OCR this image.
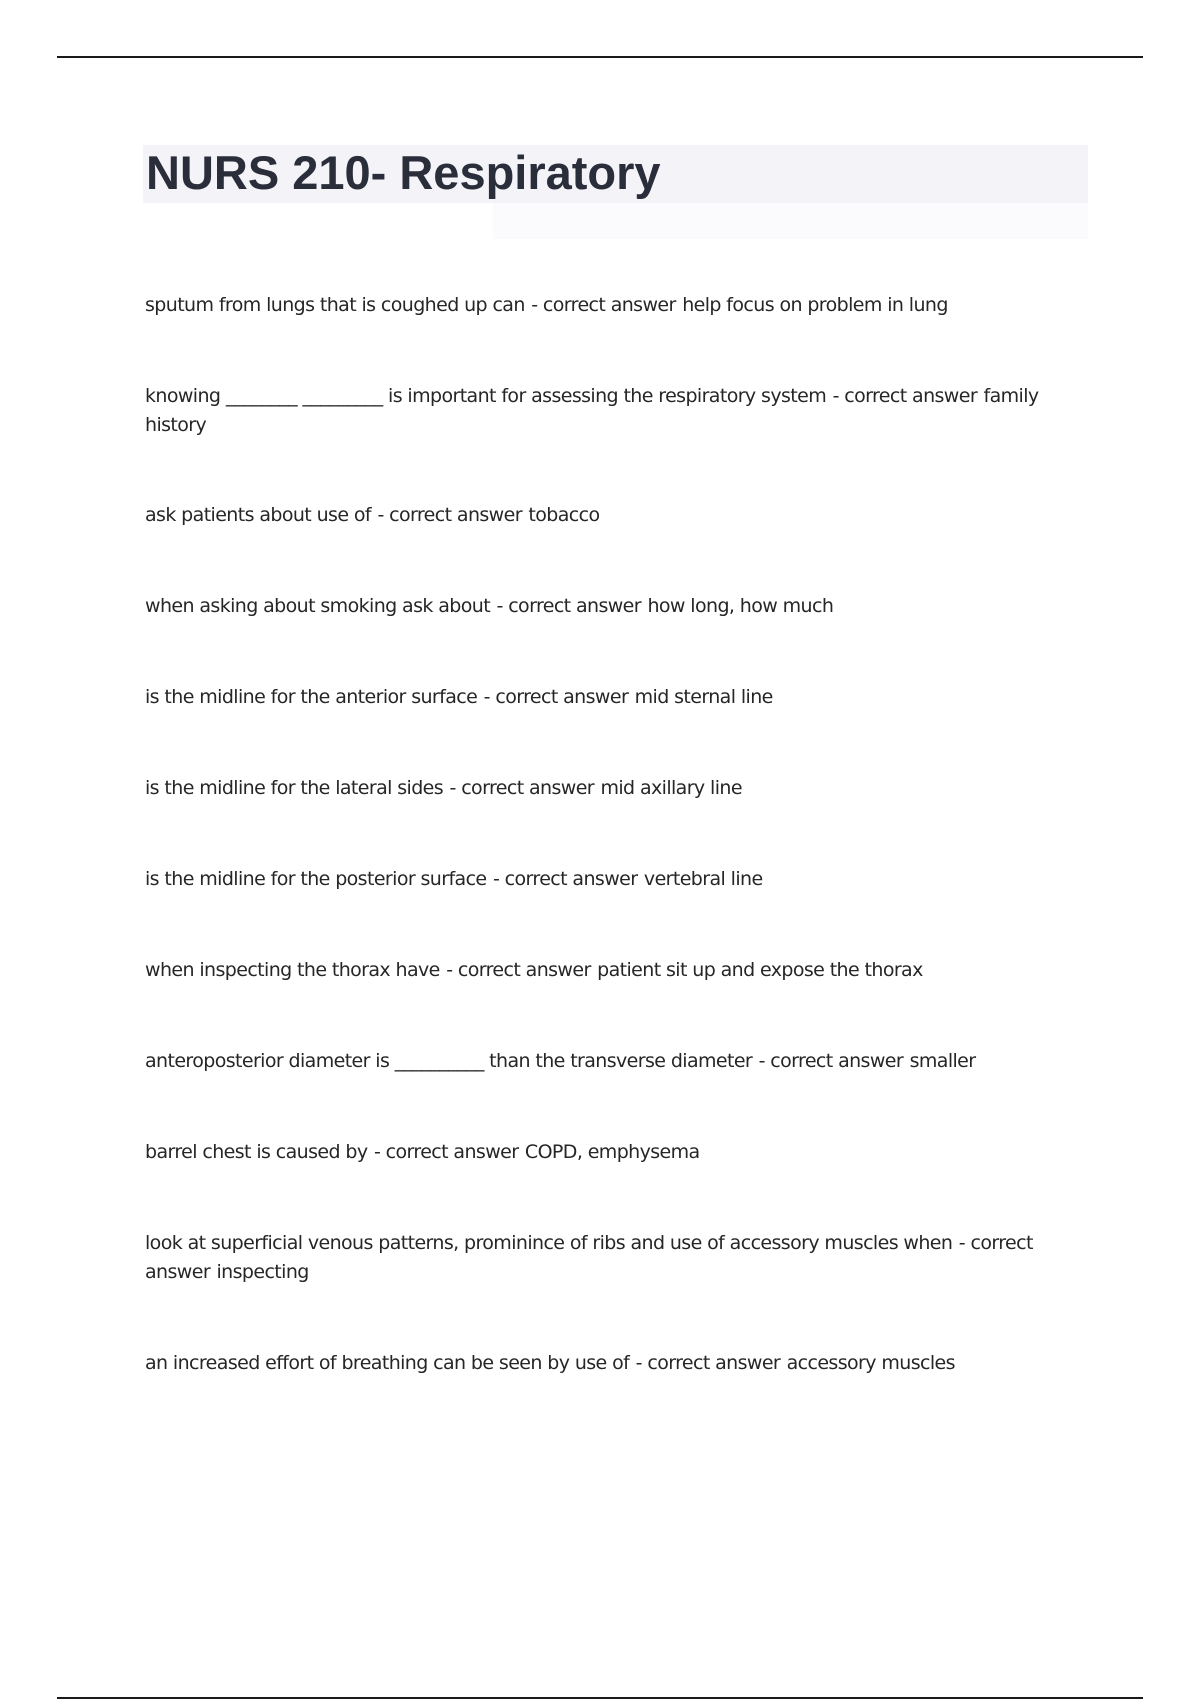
NURS 210- Respiratory
sputum from lungs that is coughed up can - correct answer help focus on problem in lung
knowing ________ _________ is important for assessing the respiratory system - correct answer family history
ask patients about use of - correct answer tobacco
when asking about smoking ask about - correct answer how long, how much
is the midline for the anterior surface - correct answer mid sternal line
is the midline for the lateral sides - correct answer mid axillary line
is the midline for the posterior surface - correct answer vertebral line
when inspecting the thorax have - correct answer patient sit up and expose the thorax
anteroposterior diameter is __________ than the transverse diameter - correct answer smaller
barrel chest is caused by - correct answer COPD, emphysema
look at superficial venous patterns, prominince of ribs and use of accessory muscles when - correct answer inspecting
an increased effort of breathing can be seen by use of - correct answer accessory muscles
